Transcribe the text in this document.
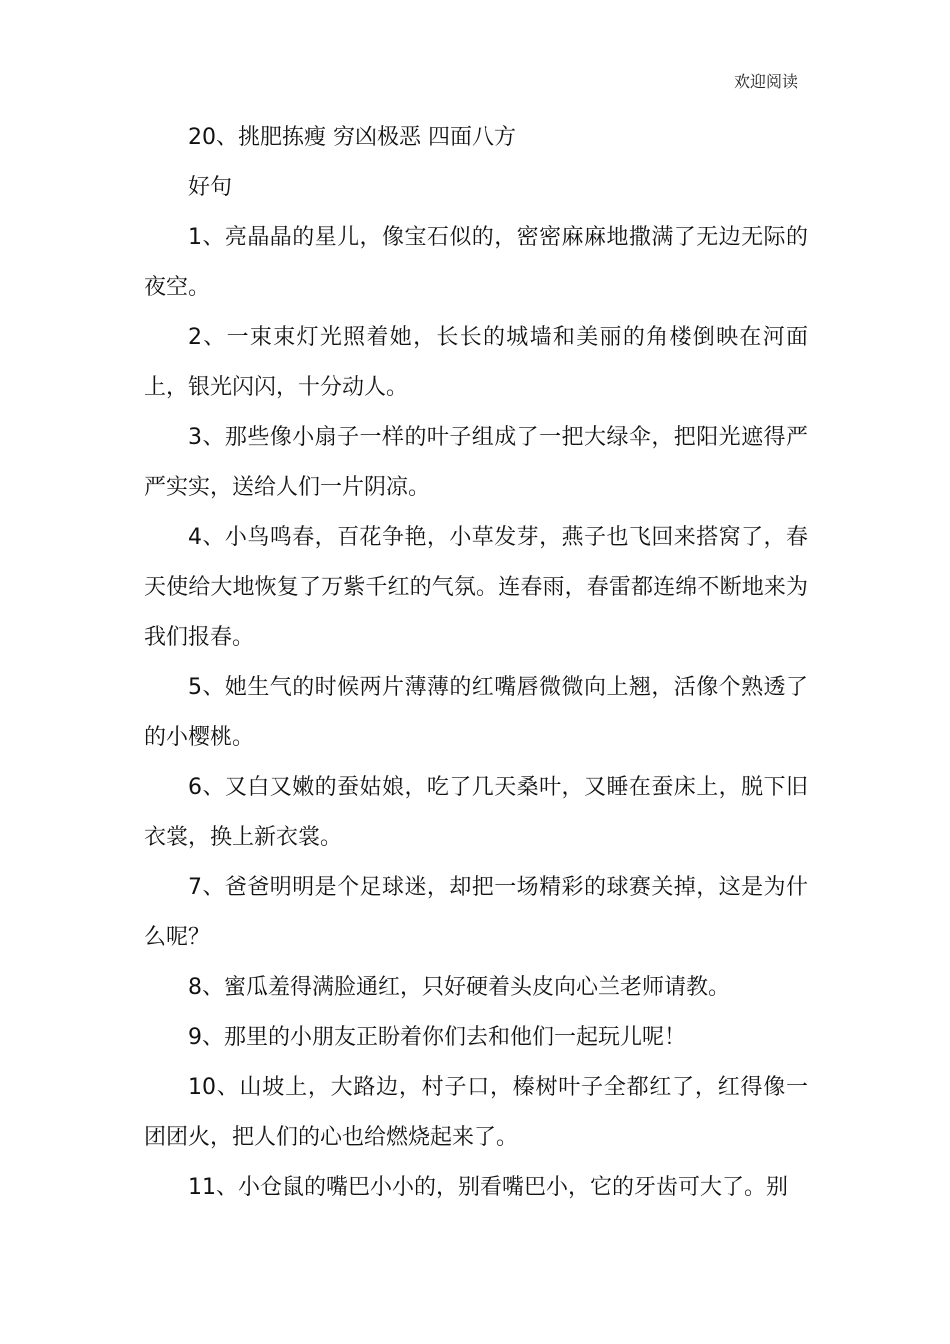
欢迎阅读

20、挑肥拣瘦 穷凶极恶 四面八方

好句

1、亮晶晶的星儿，像宝石似的，密密麻麻地撒满了无边无际的夜空。

2、一束束灯光照着她，长长的城墙和美丽的角楼倒映在河面上，银光闪闪，十分动人。

3、那些像小扇子一样的叶子组成了一把大绿伞，把阳光遮得严严实实，送给人们一片阴凉。

4、小鸟鸣春，百花争艳，小草发芽，燕子也飞回来搭窝了，春天使给大地恢复了万紫千红的气氛。连春雨，春雷都连绵不断地来为我们报春。

5、她生气的时候两片薄薄的红嘴唇微微向上翘，活像个熟透了的小樱桃。

6、又白又嫩的蚕姑娘，吃了几天桑叶，又睡在蚕床上，脱下旧衣裳，换上新衣裳。

7、爸爸明明是个足球迷，却把一场精彩的球赛关掉，这是为什么呢？

8、蜜瓜羞得满脸通红，只好硬着头皮向心兰老师请教。

9、那里的小朋友正盼着你们去和他们一起玩儿呢！

10、山坡上，大路边，村子口，榛树叶子全都红了，红得像一团团火，把人们的心也给燃烧起来了。

11、小仓鼠的嘴巴小小的，别看嘴巴小，它的牙齿可大了。别
